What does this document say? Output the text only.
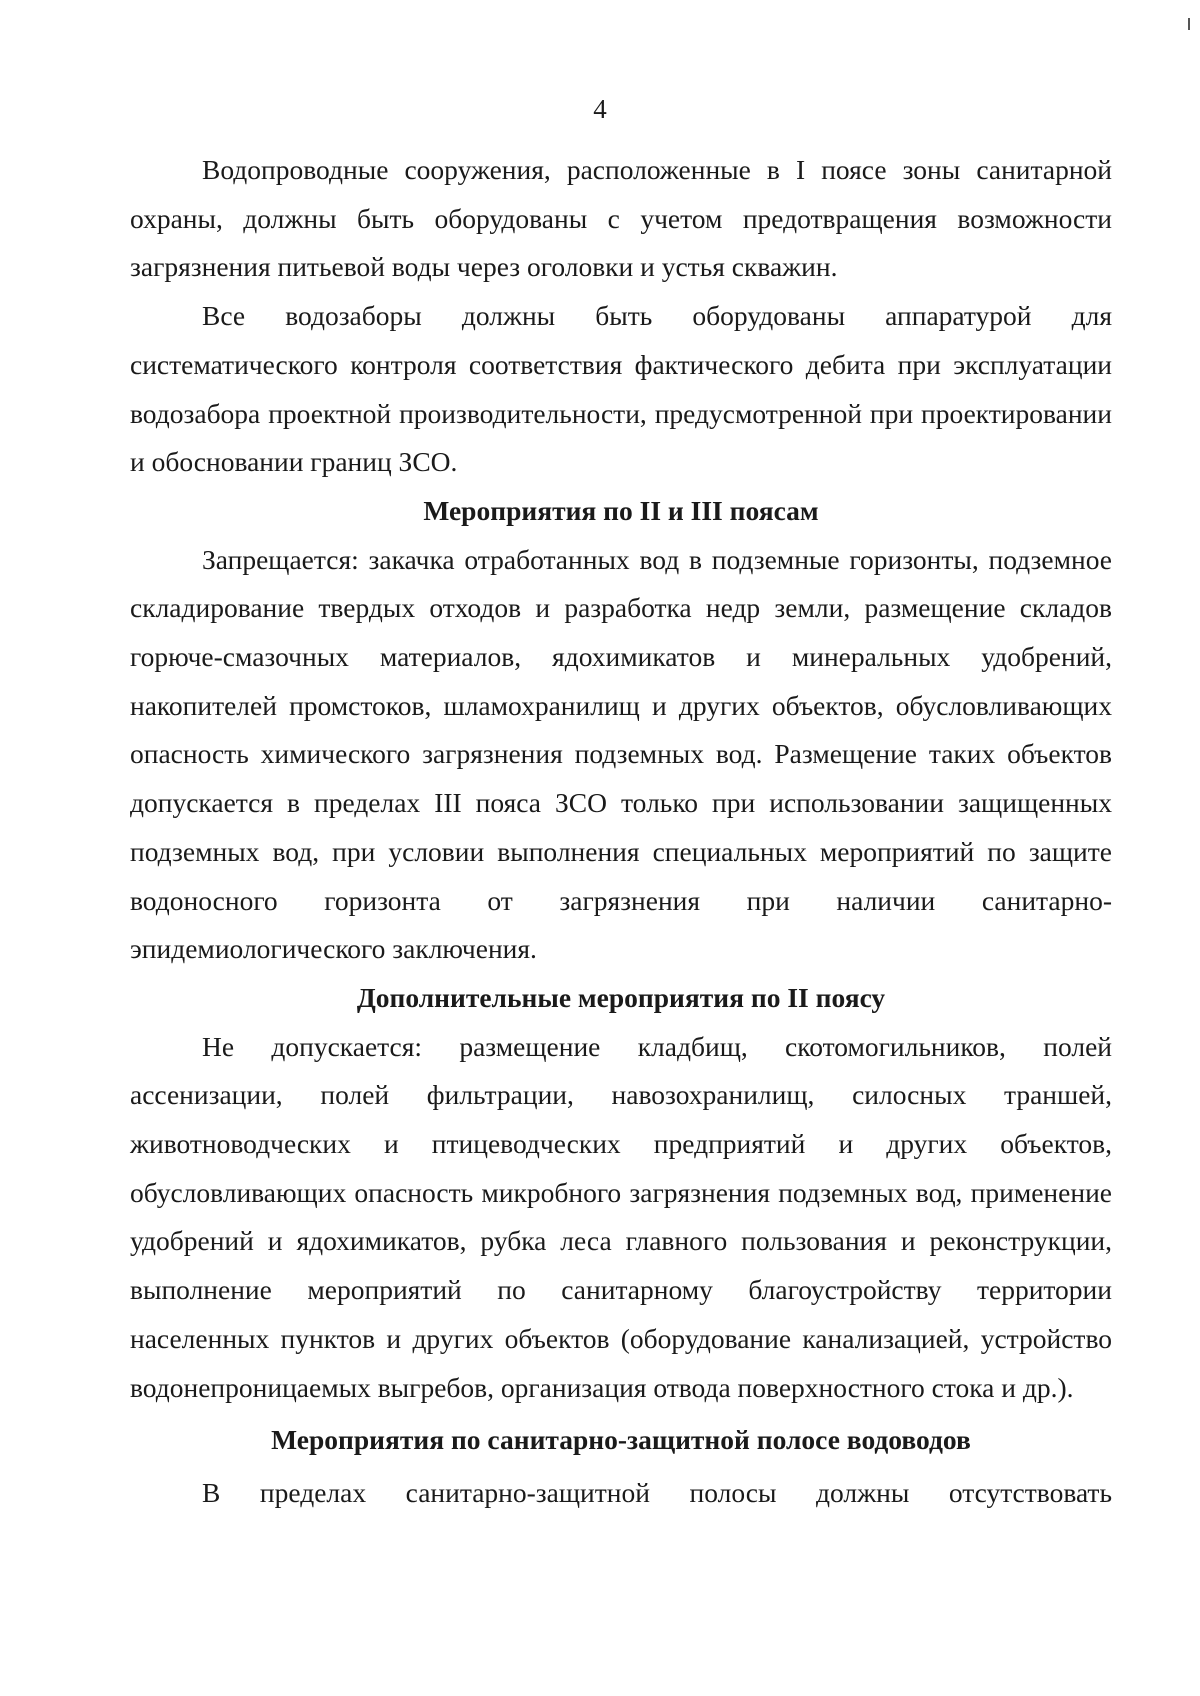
4

Водопроводные сооружения, расположенные в I поясе зоны санитарной охраны, должны быть оборудованы с учетом предотвращения возможности загрязнения питьевой воды через оголовки и устья скважин.

Все водозаборы должны быть оборудованы аппаратурой для систематического контроля соответствия фактического дебита при эксплуатации водозабора проектной производительности, предусмотренной при проектировании и обосновании границ ЗСО.

Мероприятия по II и III поясам

Запрещается: закачка отработанных вод в подземные горизонты, подземное складирование твердых отходов и разработка недр земли, размещение складов горюче-смазочных материалов, ядохимикатов и минеральных удобрений, накопителей промстоков, шламохранилищ и других объектов, обусловливающих опасность химического загрязнения подземных вод. Размещение таких объектов допускается в пределах III пояса ЗСО только при использовании защищенных подземных вод, при условии выполнения специальных мероприятий по защите водоносного горизонта от загрязнения при наличии санитарно-эпидемиологического заключения.

Дополнительные мероприятия по II поясу

Не допускается: размещение кладбищ, скотомогильников, полей ассенизации, полей фильтрации, навозохранилищ, силосных траншей, животноводческих и птицеводческих предприятий и других объектов, обусловливающих опасность микробного загрязнения подземных вод, применение удобрений и ядохимикатов, рубка леса главного пользования и реконструкции, выполнение мероприятий по санитарному благоустройству территории населенных пунктов и других объектов (оборудование канализацией, устройство водонепроницаемых выгребов, организация отвода поверхностного стока и др.).

Мероприятия по санитарно-защитной полосе водоводов

В пределах санитарно-защитной полосы должны отсутствовать
